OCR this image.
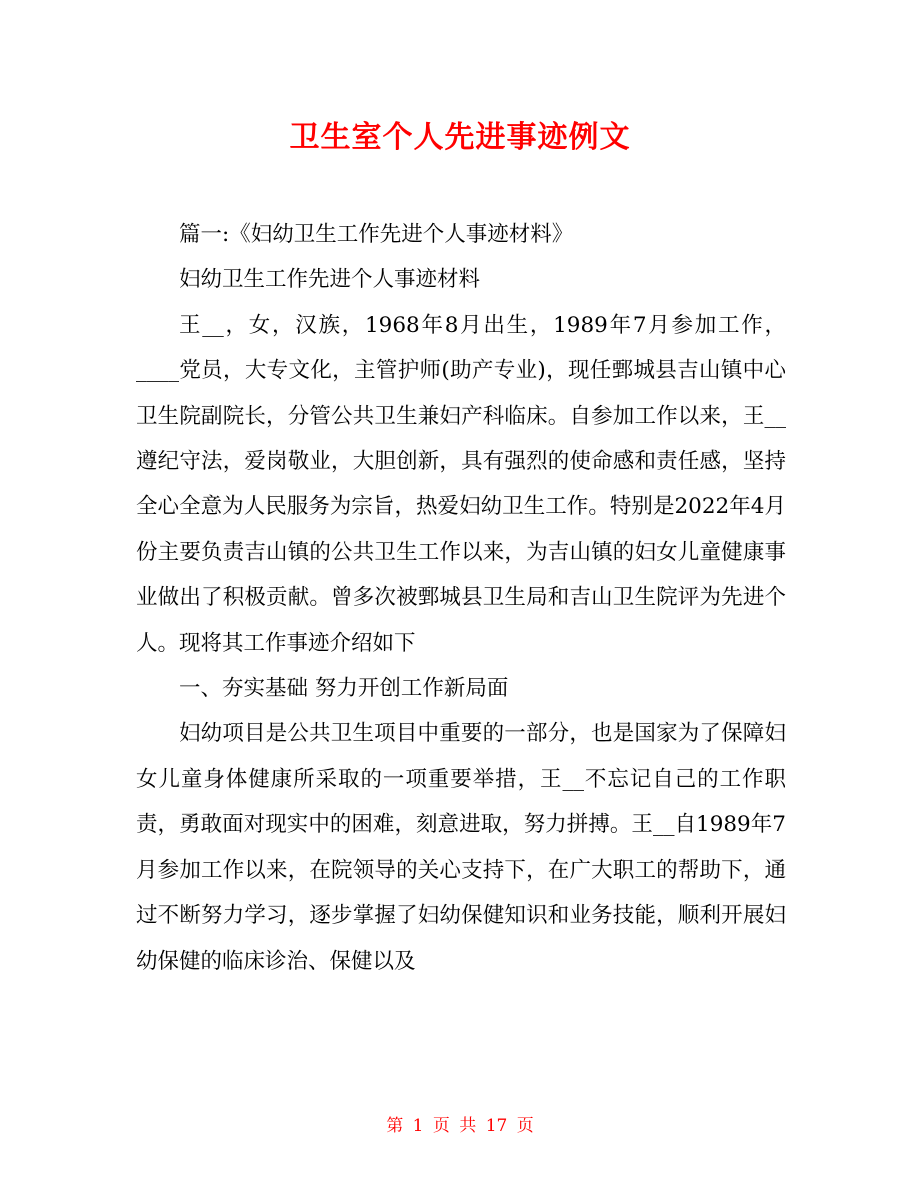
卫生室个人先进事迹例文

篇一:《妇幼卫生工作先进个人事迹材料》

妇幼卫生工作先进个人事迹材料

王__，女，汉族，1968年8月出生，1989年7月参加工作，____党员，大专文化，主管护师(助产专业)，现任鄄城县吉山镇中心卫生院副院长，分管公共卫生兼妇产科临床。自参加工作以来，王__遵纪守法，爱岗敬业，大胆创新，具有强烈的使命感和责任感，坚持全心全意为人民服务为宗旨，热爱妇幼卫生工作。特别是2022年4月份主要负责吉山镇的公共卫生工作以来，为吉山镇的妇女儿童健康事业做出了积极贡献。曾多次被鄄城县卫生局和吉山卫生院评为先进个人。现将其工作事迹介绍如下

一、夯实基础 努力开创工作新局面

妇幼项目是公共卫生项目中重要的一部分，也是国家为了保障妇女儿童身体健康所采取的一项重要举措，王__不忘记自己的工作职责，勇敢面对现实中的困难，刻意进取，努力拼搏。王__自1989年7月参加工作以来，在院领导的关心支持下，在广大职工的帮助下，通过不断努力学习，逐步掌握了妇幼保健知识和业务技能，顺利开展妇幼保健的临床诊治、保健以及

第 1 页 共 17 页
